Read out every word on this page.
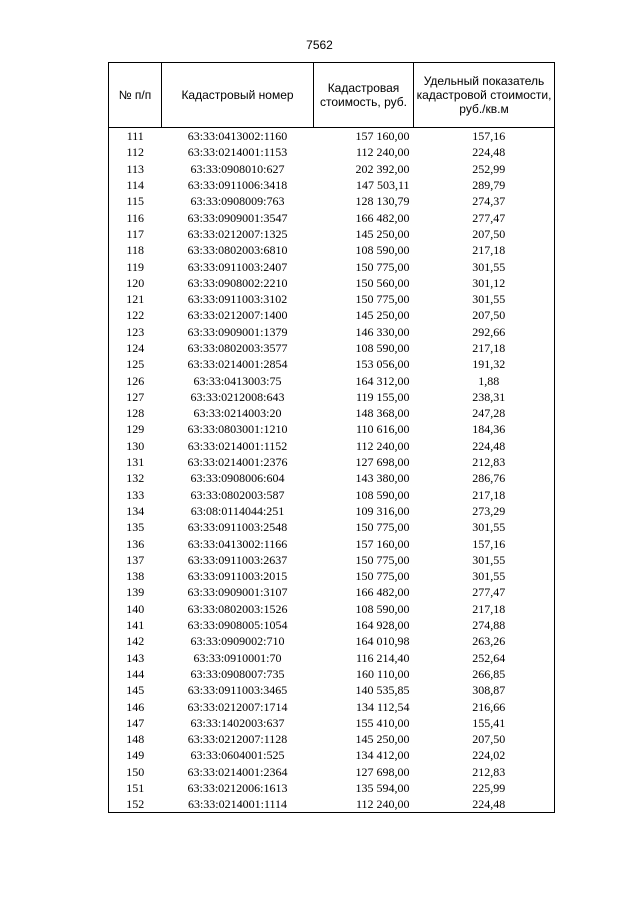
7562
№ п/п	Кадастровый номер	Кадастровая стоимость, руб.	Удельный показатель кадастровой стоимости, руб./кв.м
111	63:33:0413002:1160	157 160,00	157,16
112	63:33:0214001:1153	112 240,00	224,48
113	63:33:0908010:627	202 392,00	252,99
114	63:33:0911006:3418	147 503,11	289,79
115	63:33:0908009:763	128 130,79	274,37
116	63:33:0909001:3547	166 482,00	277,47
117	63:33:0212007:1325	145 250,00	207,50
118	63:33:0802003:6810	108 590,00	217,18
119	63:33:0911003:2407	150 775,00	301,55
120	63:33:0908002:2210	150 560,00	301,12
121	63:33:0911003:3102	150 775,00	301,55
122	63:33:0212007:1400	145 250,00	207,50
123	63:33:0909001:1379	146 330,00	292,66
124	63:33:0802003:3577	108 590,00	217,18
125	63:33:0214001:2854	153 056,00	191,32
126	63:33:0413003:75	164 312,00	1,88
127	63:33:0212008:643	119 155,00	238,31
128	63:33:0214003:20	148 368,00	247,28
129	63:33:0803001:1210	110 616,00	184,36
130	63:33:0214001:1152	112 240,00	224,48
131	63:33:0214001:2376	127 698,00	212,83
132	63:33:0908006:604	143 380,00	286,76
133	63:33:0802003:587	108 590,00	217,18
134	63:08:0114044:251	109 316,00	273,29
135	63:33:0911003:2548	150 775,00	301,55
136	63:33:0413002:1166	157 160,00	157,16
137	63:33:0911003:2637	150 775,00	301,55
138	63:33:0911003:2015	150 775,00	301,55
139	63:33:0909001:3107	166 482,00	277,47
140	63:33:0802003:1526	108 590,00	217,18
141	63:33:0908005:1054	164 928,00	274,88
142	63:33:0909002:710	164 010,98	263,26
143	63:33:0910001:70	116 214,40	252,64
144	63:33:0908007:735	160 110,00	266,85
145	63:33:0911003:3465	140 535,85	308,87
146	63:33:0212007:1714	134 112,54	216,66
147	63:33:1402003:637	155 410,00	155,41
148	63:33:0212007:1128	145 250,00	207,50
149	63:33:0604001:525	134 412,00	224,02
150	63:33:0214001:2364	127 698,00	212,83
151	63:33:0212006:1613	135 594,00	225,99
152	63:33:0214001:1114	112 240,00	224,48
